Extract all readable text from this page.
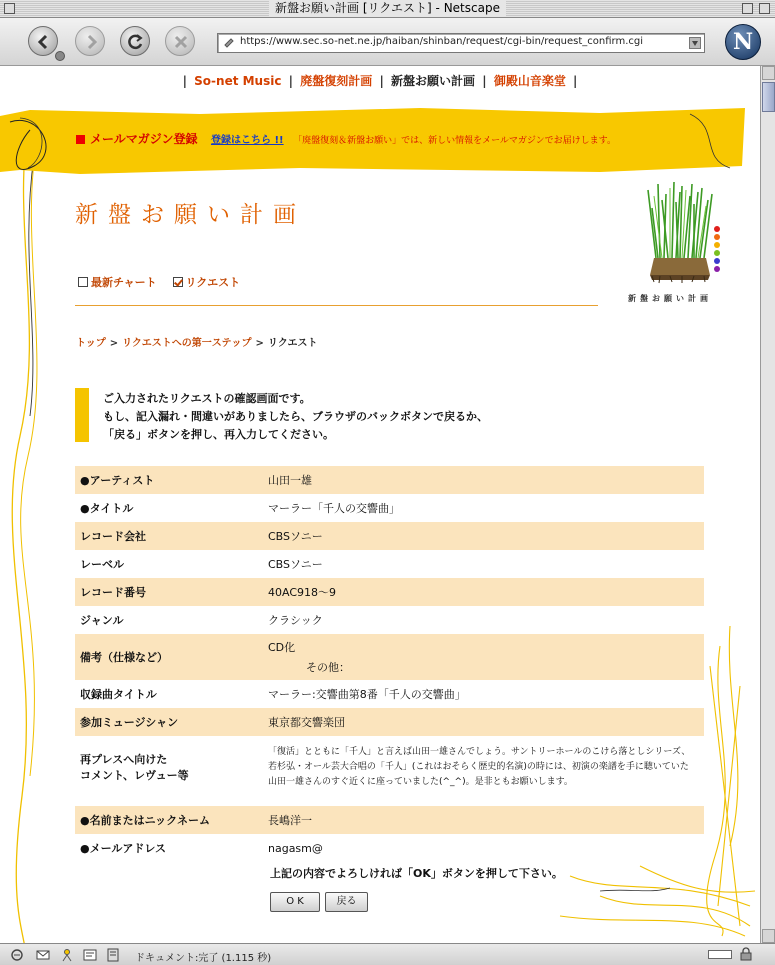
新盤お願い計画 [リクエスト] - Netscape
https://www.sec.so-net.ne.jp/haiban/shinban/request/cgi-bin/request_confirm.cgi	N
| So-net Music | 廃盤復刻計画 | 新盤お願い計画 | 御殿山音楽堂 |
メールマガジン登録 登録はこちら !! 「廃盤復刻＆新盤お願い」では、新しい情報をメールマガジンでお届けします。
新盤お願い計画
新盤お願い計画
最新チャート	リクエスト
トップ > リクエストへの第一ステップ > リクエスト
ご入力されたリクエストの確認画面です。
もし、記入漏れ・間違いがありましたら、ブラウザのバックボタンで戻るか、
「戻る」ボタンを押し、再入力してください。
●アーティスト	山田一雄
●タイトル	マーラー「千人の交響曲」
レコード会社	CBSソニー
レーベル	CBSソニー
レコード番号	40AC918〜9
ジャンル	クラシック
備考（仕様など）	CD化
その他：

収録曲タイトル	マーラー:交響曲第8番「千人の交響曲」
参加ミュージシャン	東京都交響楽団
再プレスへ向けた
コメント、レヴュー等	「復活」とともに「千人」と言えば山田一雄さんでしょう。サントリーホールのこけら落としシリーズ、若杉弘・オール芸大合唱の「千人」(これはおそらく歴史的名演)の時には、初演の楽譜を手に聴いていた山田一雄さんのすぐ近くに座っていました(^_^)。是非ともお願いします。

●名前またはニックネーム	長嶋洋一
●メールアドレス	nagasm@
上記の内容でよろしければ「OK」ボタンを押して下さい。
O K	戻る
ドキュメント:完了 (1.115 秒)
